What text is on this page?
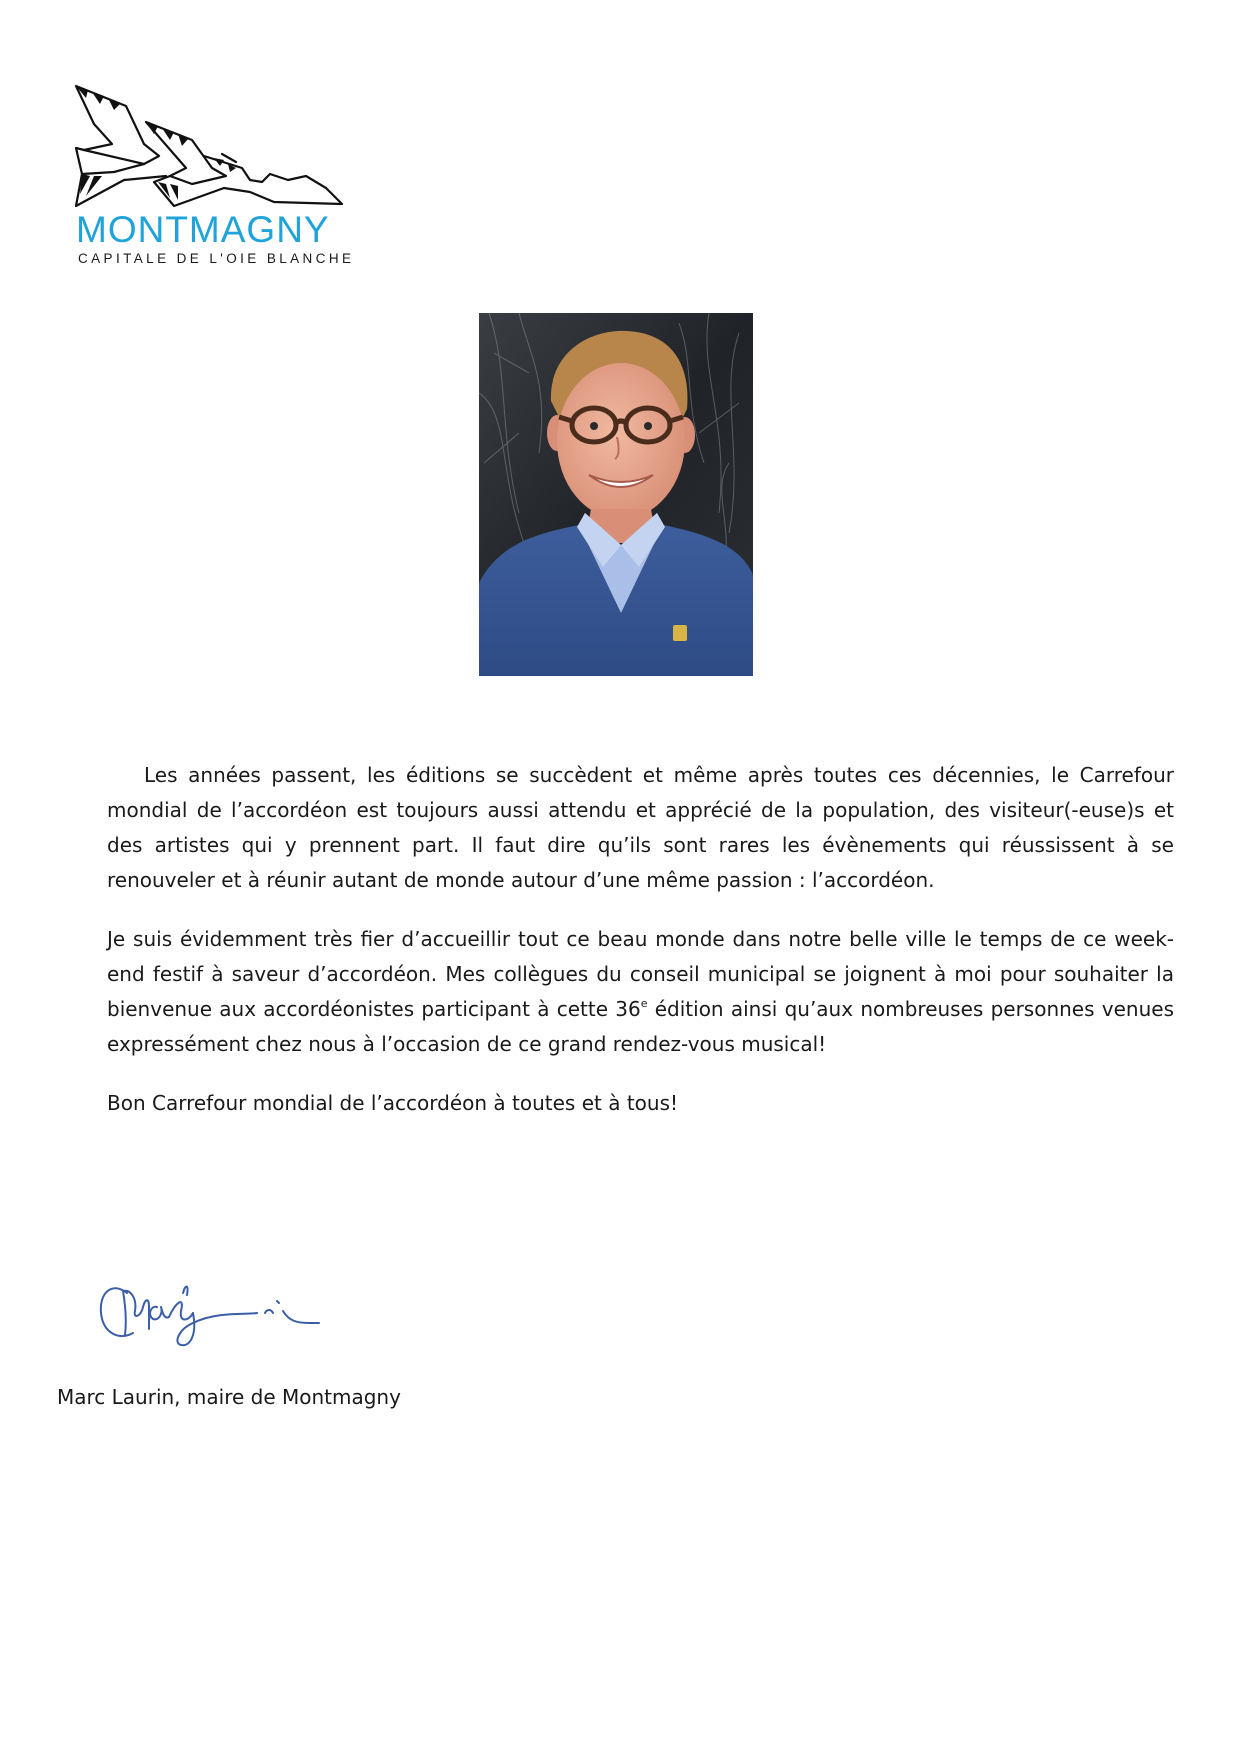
MONTMAGNY
CAPITALE DE L'OIE BLANCHE

Les années passent, les éditions se succèdent et même après toutes ces décennies, le Carrefour mondial de l’accordéon est toujours aussi attendu et apprécié de la population, des visiteur(-euse)s et des artistes qui y prennent part. Il faut dire qu’ils sont rares les évènements qui réussissent à se renouveler et à réunir autant de monde autour d’une même passion : l’accordéon.

Je suis évidemment très fier d’accueillir tout ce beau monde dans notre belle ville le temps de ce week-end festif à saveur d’accordéon. Mes collègues du conseil municipal se joignent à moi pour souhaiter la bienvenue aux accordéonistes participant à cette 36e édition ainsi qu’aux nombreuses personnes venues expressément chez nous à l’occasion de ce grand rendez-vous musical!

Bon Carrefour mondial de l’accordéon à toutes et à tous!

Marc Laurin, maire de Montmagny
